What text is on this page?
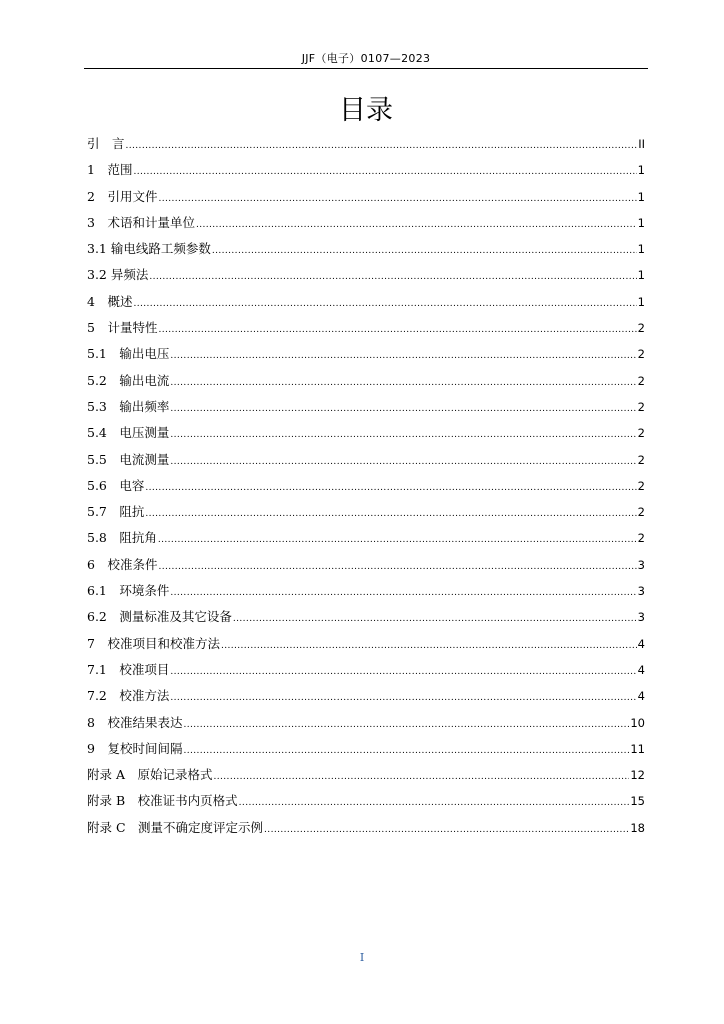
JJF（电子）0107—2023
目录
引　言 .....	II
1　范围 .....	1
2　引用文件 .....	1
3　术语和计量单位 .....	1
3.1 输电线路工频参数 .....	1
3.2 异频法 .....	1
4　概述 .....	1
5　计量特性 .....	2
5.1　输出电压 .....	2
5.2　输出电流 .....	2
5.3　输出频率 .....	2
5.4　电压测量 .....	2
5.5　电流测量 .....	2
5.6　电容 .....	2
5.7　阻抗 .....	2
5.8　阻抗角 .....	2
6　校准条件 .....	3
6.1　环境条件 .....	3
6.2　测量标准及其它设备 .....	3
7　校准项目和校准方法 .....	4
7.1　校准项目 .....	4
7.2　校准方法 .....	4
8　校准结果表达 .....	10
9　复校时间间隔 .....	11
附录 A　原始记录格式 .....	12
附录 B　校准证书内页格式 .....	15
附录 C　测量不确定度评定示例 .....	18
I
